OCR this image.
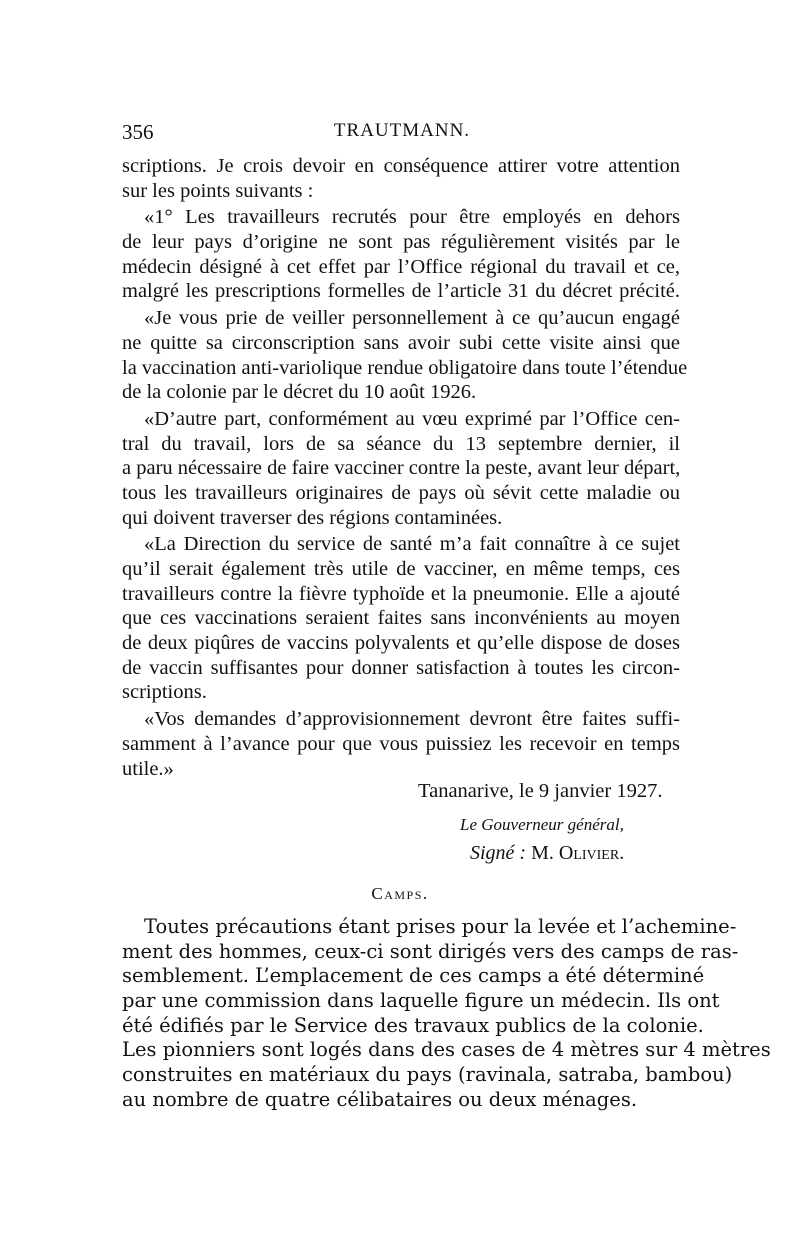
356	TRAUTMANN.
scriptions. Je crois devoir en conséquence attirer votre attention
sur les points suivants :
«1° Les travailleurs recrutés pour être employés en dehors
de leur pays d’origine ne sont pas régulièrement visités par le
médecin désigné à cet effet par l’Office régional du travail et ce,
malgré les prescriptions formelles de l’article 31 du décret précité.
«Je vous prie de veiller personnellement à ce qu’aucun engagé
ne quitte sa circonscription sans avoir subi cette visite ainsi que
la vaccination anti-variolique rendue obligatoire dans toute l’étendue
de la colonie par le décret du 10 août 1926.
«D’autre part, conformément au vœu exprimé par l’Office cen-
tral du travail, lors de sa séance du 13 septembre dernier, il
a paru nécessaire de faire vacciner contre la peste, avant leur départ,
tous les travailleurs originaires de pays où sévit cette maladie ou
qui doivent traverser des régions contaminées.
«La Direction du service de santé m’a fait connaître à ce sujet
qu’il serait également très utile de vacciner, en même temps, ces
travailleurs contre la fièvre typhoïde et la pneumonie. Elle a ajouté
que ces vaccinations seraient faites sans inconvénients au moyen
de deux piqûres de vaccins polyvalents et qu’elle dispose de doses
de vaccin suffisantes pour donner satisfaction à toutes les circon-
scriptions.
«Vos demandes d’approvisionnement devront être faites suffi-
samment à l’avance pour que vous puissiez les recevoir en temps
utile.»
Tananarive, le 9 janvier 1927.
Le Gouverneur général,
Signé : M. Olivier.
Camps.
Toutes précautions étant prises pour la levée et l’achemine-
ment des hommes, ceux-ci sont dirigés vers des camps de ras-
semblement. L’emplacement de ces camps a été déterminé
par une commission dans laquelle figure un médecin. Ils ont
été édifiés par le Service des travaux publics de la colonie.
Les pionniers sont logés dans des cases de 4 mètres sur 4 mètres
construites en matériaux du pays (ravinala, satraba, bambou)
au nombre de quatre célibataires ou deux ménages.
